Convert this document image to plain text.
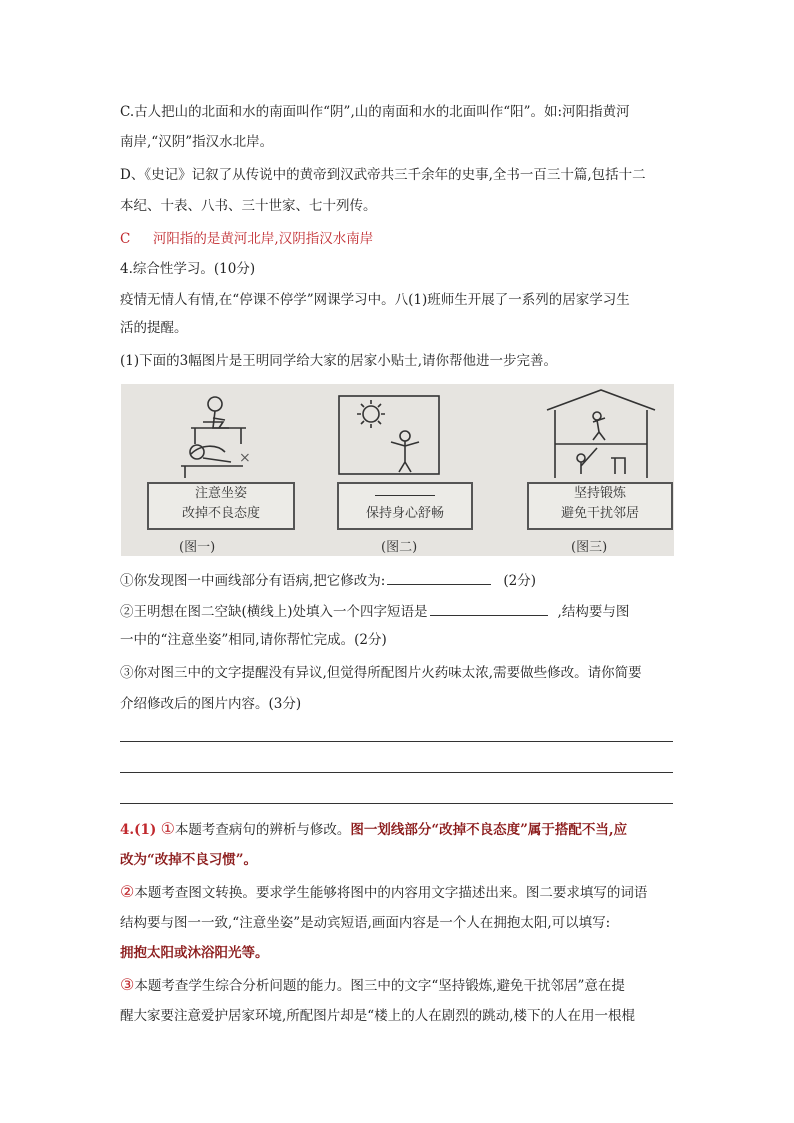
C.古人把山的北面和水的南面叫作“阴”,山的南面和水的北面叫作“阳”。如:河阳指黄河
南岸,“汉阴”指汉水北岸。
D、《史记》记叙了从传说中的黄帝到汉武帝共三千余年的史事,全书一百三十篇,包括十二
本纪、十表、八书、三十世家、七十列传。
C 河阳指的是黄河北岸,汉阴指汉水南岸
4.综合性学习。(10分)
疫情无情人有情,在“停课不停学”网课学习中。八(1)班师生开展了一系列的居家学习生
活的提醒。
(1)下面的3幅图片是王明同学给大家的居家小贴士,请你帮他进一步完善。
×
注意坐姿
改掉不良态度
(图一)
保持身心舒畅
(图二)
坚持锻炼
避免干扰邻居
(图三)
①你发现图一中画线部分有语病,把它修改为:	(2分)
②王明想在图二空缺(横线上)处填入一个四字短语是	,结构要与图
一中的“注意坐姿”相同,请你帮忙完成。(2分)
③你对图三中的文字提醒没有异议,但觉得所配图片火药味太浓,需要做些修改。请你简要
介绍修改后的图片内容。(3分)
4.(1) ①本题考查病句的辨析与修改。图一划线部分“改掉不良态度”属于搭配不当,应
改为“改掉不良习惯”。
②本题考查图文转换。要求学生能够将图中的内容用文字描述出来。图二要求填写的词语
结构要与图一一致,“注意坐姿”是动宾短语,画面内容是一个人在拥抱太阳,可以填写:
拥抱太阳或沐浴阳光等。
③本题考查学生综合分析问题的能力。图三中的文字“坚持锻炼,避免干扰邻居”意在提
醒大家要注意爱护居家环境,所配图片却是“楼上的人在剧烈的跳动,楼下的人在用一根棍
